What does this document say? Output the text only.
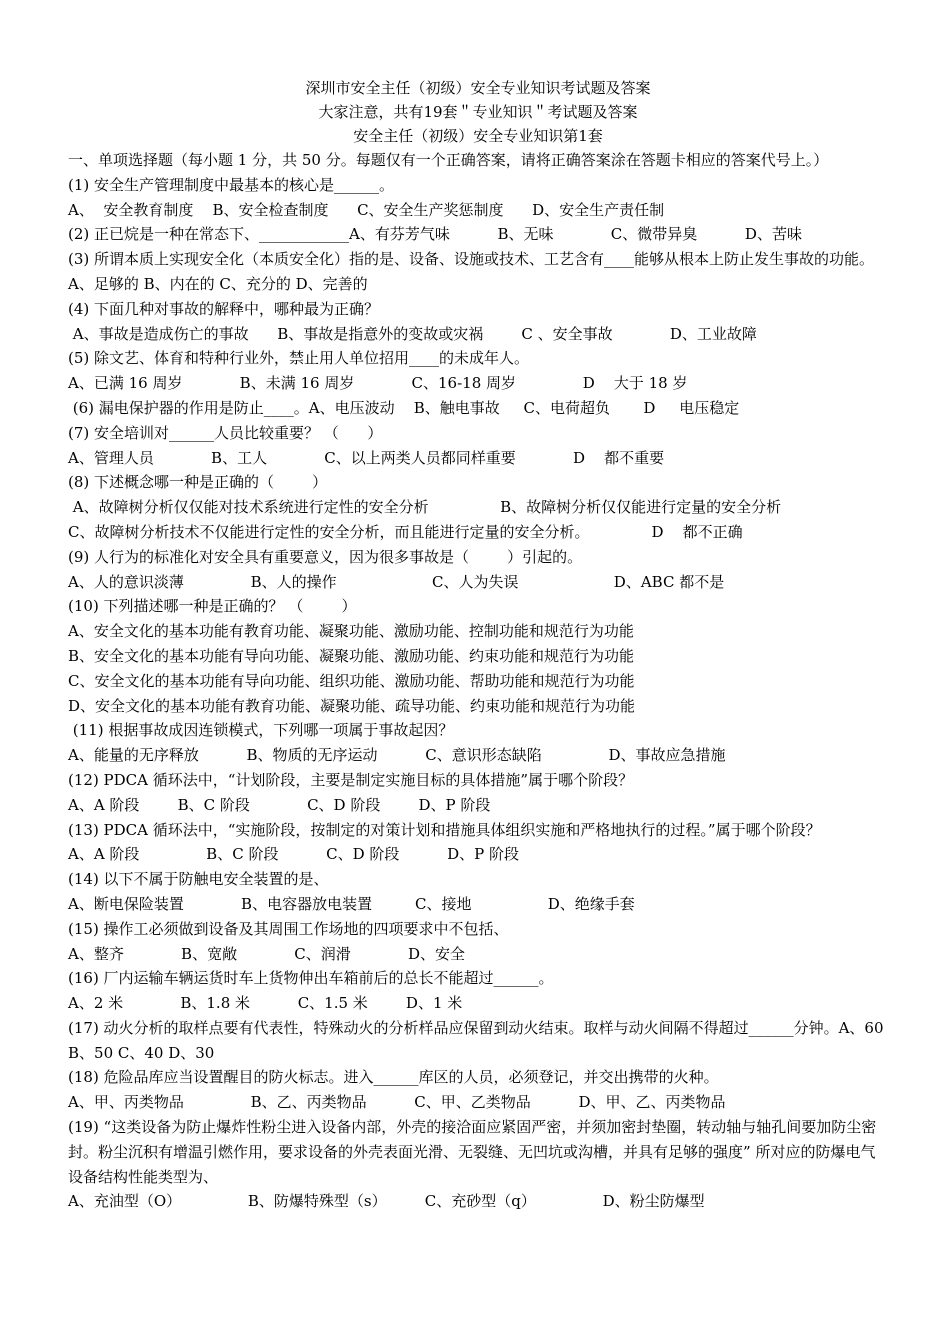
深圳市安全主任（初级）安全专业知识考试题及答案
大家注意，共有19套＂专业知识＂考试题及答案
安全主任（初级）安全专业知识第1套
一、单项选择题（每小题 1 分，共 50 分。每题仅有一个正确答案，请将正确答案涂在答题卡相应的答案代号上。）
(1) 安全生产管理制度中最基本的核心是______。
A、  安全教育制度    B、安全检查制度      C、安全生产奖惩制度      D、安全生产责任制
(2) 正已烷是一种在常态下、____________A、有芬芳气味          B、无味            C、微带异臭          D、苦味
(3) 所谓本质上实现安全化（本质安全化）指的是、设备、设施或技术、工艺含有____能够从根本上防止发生事故的功能。A、足够的 B、内在的 C、充分的 D、完善的
(4) 下面几种对事故的解释中，哪种最为正确？
A、事故是造成伤亡的事故      B、事故是指意外的变故或灾祸        C 、安全事故            D、工业故障
(5) 除文艺、体育和特种行业外，禁止用人单位招用____的未成年人。
A、已满 16 周岁            B、未满 16 周岁            C、16-18 周岁              D    大于 18 岁
(6) 漏电保护器的作用是防止____。A、电压波动    B、触电事故     C、电荷超负       D     电压稳定
(7) 安全培训对______人员比较重要？ （      ）
A、管理人员            B、工人            C、以上两类人员都同样重要            D    都不重要
(8) 下述概念哪一种是正确的（        ）
A、故障树分析仅仅能对技术系统进行定性的安全分析               B、故障树分析仅仅能进行定量的安全分析
C、故障树分析技术不仅能进行定性的安全分析，而且能进行定量的安全分析。             D    都不正确
(9) 人行为的标准化对安全具有重要意义，因为很多事故是（        ）引起的。
A、人的意识淡薄              B、人的操作                    C、人为失误                    D、ABC 都不是
(10) 下列描述哪一种是正确的？ （        ）
A、安全文化的基本功能有教育功能、凝聚功能、激励功能、控制功能和规范行为功能
B、安全文化的基本功能有导向功能、凝聚功能、激励功能、约束功能和规范行为功能
C、安全文化的基本功能有导向功能、组织功能、激励功能、帮助功能和规范行为功能
D、安全文化的基本功能有教育功能、凝聚功能、疏导功能、约束功能和规范行为功能
(11) 根据事故成因连锁模式，下列哪一项属于事故起因？
A、能量的无序释放          B、物质的无序运动          C、意识形态缺陷              D、事故应急措施
(12) PDCA 循环法中，“计划阶段，主要是制定实施目标的具体措施”属于哪个阶段？
A、A 阶段        B、C 阶段            C、D 阶段        D、P 阶段
(13) PDCA 循环法中，“实施阶段，按制定的对策计划和措施具体组织实施和严格地执行的过程。”属于哪个阶段？
A、A 阶段              B、C 阶段          C、D 阶段          D、P 阶段
(14) 以下不属于防触电安全装置的是、
A、断电保险装置            B、电容器放电装置         C、接地                D、绝缘手套
(15) 操作工必须做到设备及其周围工作场地的四项要求中不包括、
A、整齐            B、宽敞            C、润滑            D、安全
(16) 厂内运输车辆运货时车上货物伸出车箱前后的总长不能超过______。
A、2 米            B、1.8 米          C、1.5 米        D、1 米
(17) 动火分析的取样点要有代表性，特殊动火的分析样品应保留到动火结束。取样与动火间隔不得超过______分钟。A、60 B、50 C、40 D、30
(18) 危险品库应当设置醒目的防火标志。进入______库区的人员，必须登记，并交出携带的火种。
A、甲、丙类物品              B、乙、丙类物品          C、甲、乙类物品          D、甲、乙、丙类物品
(19) “这类设备为防止爆炸性粉尘进入设备内部，外壳的接洽面应紧固严密，并须加密封垫圈，转动轴与轴孔间要加防尘密封。粉尘沉积有增温引燃作用，要求设备的外壳表面光滑、无裂缝、无凹坑或沟槽，并具有足够的强度” 所对应的防爆电气设备结构性能类型为、
A、充油型（O）              B、防爆特殊型（s）        C、充砂型（q）              D、粉尘防爆型
